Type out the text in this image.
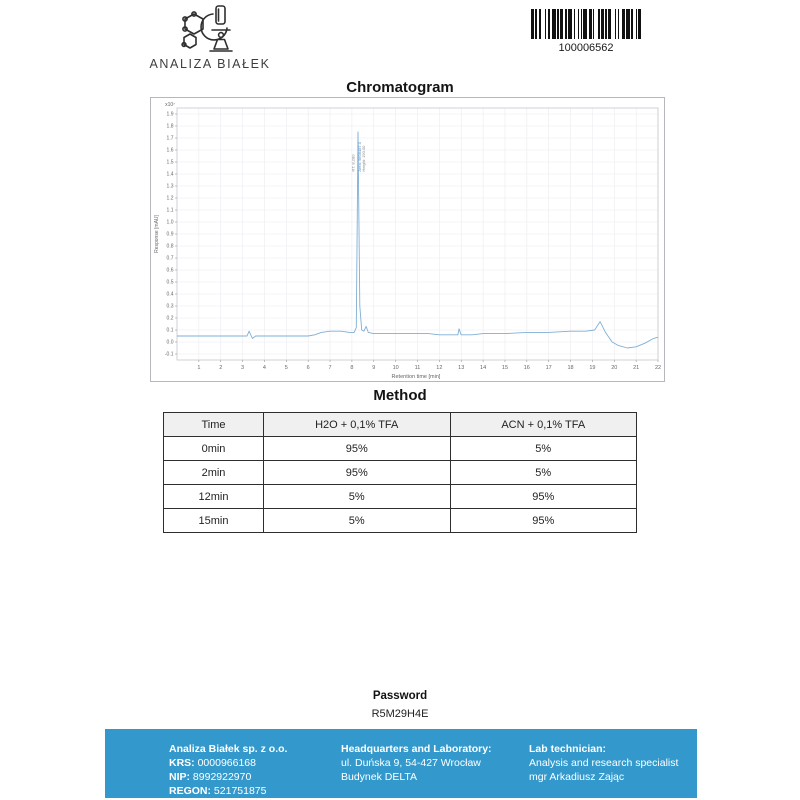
ANALIZA BIAŁEK
100006562
Chromatogram
1	2	3	4	5	6	7	8	9	10	11	12	13	14	15	16	17	18	19	20	21	22
-0.1
0.0
0.1
0.2
0.3
0.4
0.5
0.6
0.7
0.8
0.9
1.0
1.1
1.2
1.3
1.4
1.5
1.6
1.7
1.8
1.9
x10⁷
Retention time [min]
Response [mAU]
RT: 8.280 Area: 9898487.0 Height: 190.00
Method
Time	H2O + 0,1% TFA	ACN + 0,1% TFA
0min	95%	5%
2min	95%	5%
12min	5%	95%
15min	5%	95%
Password
R5M29H4E
Analiza Białek sp. z o.o.
KRS: 0000966168
NIP: 8992922970
REGON: 521751875
Headquarters and Laboratory:
ul. Duńska 9, 54-427 Wrocław
Budynek DELTA
Lab technician:
Analysis and research specialist
mgr Arkadiusz Zając
